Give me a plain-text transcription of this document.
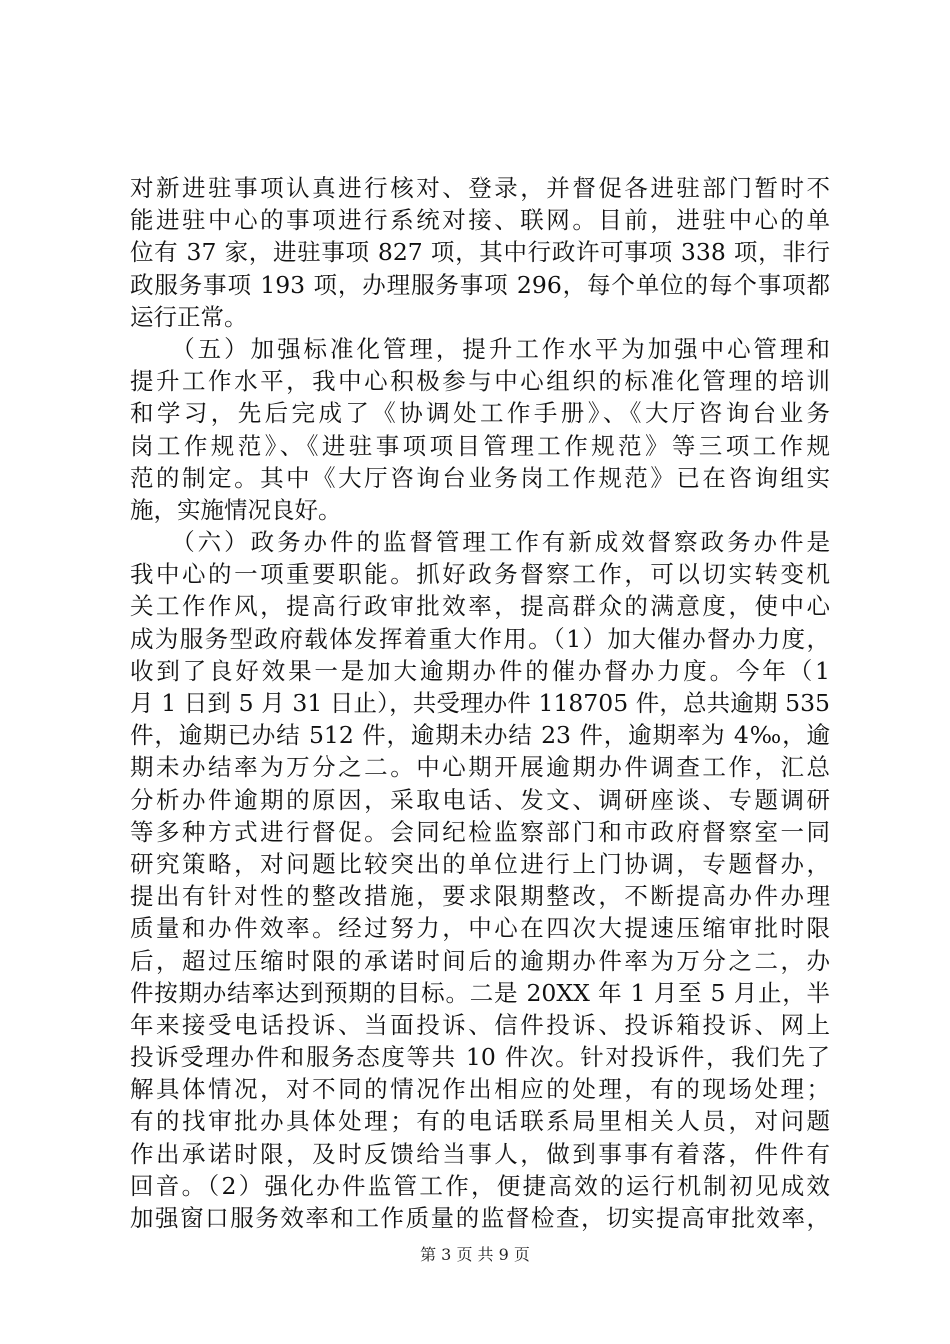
对新进驻事项认真进行核对、登录，并督促各进驻部门暂时不
能进驻中心的事项进行系统对接、联网。目前，进驻中心的单
位有 37 家，进驻事项 827 项，其中行政许可事项 338 项，非行
政服务事项 193 项，办理服务事项 296，每个单位的每个事项都
运行正常。
　　（五）加强标准化管理，提升工作水平为加强中心管理和
提升工作水平，我中心积极参与中心组织的标准化管理的培训
和学习，先后完成了《协调处工作手册》、《大厅咨询台业务
岗工作规范》、《进驻事项项目管理工作规范》等三项工作规
范的制定。其中《大厅咨询台业务岗工作规范》已在咨询组实
施，实施情况良好。
　　（六）政务办件的监督管理工作有新成效督察政务办件是
我中心的一项重要职能。抓好政务督察工作，可以切实转变机
关工作作风，提高行政审批效率，提高群众的满意度，使中心
成为服务型政府载体发挥着重大作用。（1）加大催办督办力度，
收到了良好效果一是加大逾期办件的催办督办力度。今年（1
月 1 日到 5 月 31 日止），共受理办件 118705 件，总共逾期 535
件，逾期已办结 512 件，逾期未办结 23 件，逾期率为 4‰，逾
期未办结率为万分之二。中心期开展逾期办件调查工作，汇总
分析办件逾期的原因，采取电话、发文、调研座谈、专题调研
等多种方式进行督促。会同纪检监察部门和市政府督察室一同
研究策略，对问题比较突出的单位进行上门协调，专题督办，
提出有针对性的整改措施，要求限期整改，不断提高办件办理
质量和办件效率。经过努力，中心在四次大提速压缩审批时限
后，超过压缩时限的承诺时间后的逾期办件率为万分之二，办
件按期办结率达到预期的目标。二是 20XX 年 1 月至 5 月止，半
年来接受电话投诉、当面投诉、信件投诉、投诉箱投诉、网上
投诉受理办件和服务态度等共 10 件次。针对投诉件，我们先了
解具体情况，对不同的情况作出相应的处理，有的现场处理；
有的找审批办具体处理；有的电话联系局里相关人员，对问题
作出承诺时限，及时反馈给当事人，做到事事有着落，件件有
回音。（2）强化办件监管工作，便捷高效的运行机制初见成效
加强窗口服务效率和工作质量的监督检查，切实提高审批效率，
第 3 页 共 9 页
